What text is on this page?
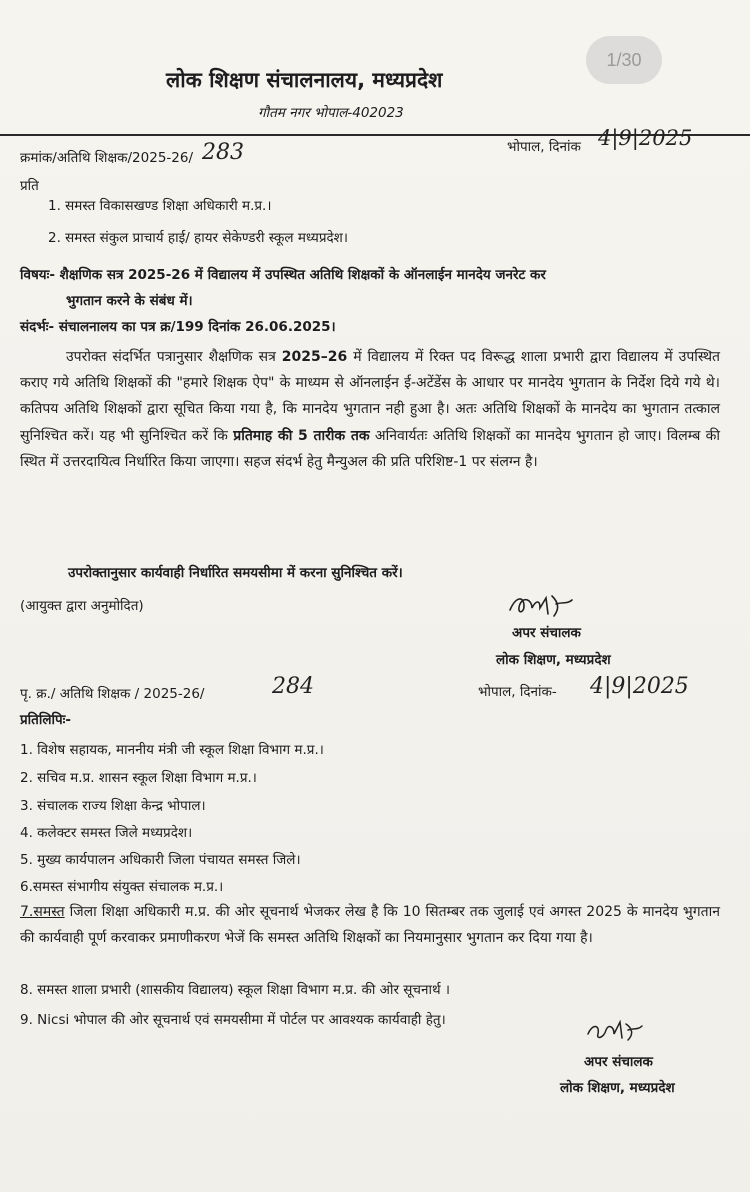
1/30
लोक शिक्षण संचालनालय, मध्यप्रदेश
गौतम नगर भोपाल-402023
क्रमांक/अतिथि शिक्षक/2025-26/ 283	भोपाल, दिनांक 4|9|2025
प्रति
1. समस्त विकासखण्ड शिक्षा अधिकारी म.प्र.।
2. समस्त संकुल प्राचार्य हाई/ हायर सेकेण्डरी स्कूल मध्यप्रदेश।
विषयः- शैक्षणिक सत्र 2025-26 में विद्यालय में उपस्थित अतिथि शिक्षकों के ऑनलाईन मानदेय जनरेट कर
भुगतान करने के संबंध में।
संदर्भः- संचालनालय का पत्र क्र/199 दिनांक 26.06.2025।
उपरोक्त संदर्भित पत्रानुसार शैक्षणिक सत्र 2025–26 में विद्यालय में रिक्त पद विरूद्ध शाला प्रभारी द्वारा विद्यालय में उपस्थित कराए गये अतिथि शिक्षकों की "हमारे शिक्षक ऐप" के माध्यम से ऑनलाईन ई-अटेंडेंस के आधार पर मानदेय भुगतान के निर्देश दिये गये थे। कतिपय अतिथि शिक्षकों द्वारा सूचित किया गया है, कि मानदेय भुगतान नही हुआ है। अतः अतिथि शिक्षकों के मानदेय का भुगतान तत्काल सुनिश्चित करें। यह भी सुनिश्चित करें कि प्रतिमाह की 5 तारीक तक अनिवार्यतः अतिथि शिक्षकों का मानदेय भुगतान हो जाए। विलम्ब की स्थित में उत्तरदायित्व निर्धारित किया जाएगा। सहज संदर्भ हेतु मैन्युअल की प्रति परिशिष्ट-1 पर संलग्न है।
उपरोक्तानुसार कार्यवाही निर्धारित समयसीमा में करना सुनिश्चित करें।
(आयुक्त द्वारा अनुमोदित)
अपर संचालक
लोक शिक्षण, मध्यप्रदेश
पृ. क्र./ अतिथि शिक्षक / 2025-26/	284	भोपाल, दिनांक- 4|9|2025
प्रतिलिपिः-
1. विशेष सहायक, माननीय मंत्री जी स्कूल शिक्षा विभाग म.प्र.।
2. सचिव म.प्र. शासन स्कूल शिक्षा विभाग म.प्र.।
3. संचालक राज्य शिक्षा केन्द्र भोपाल।
4. कलेक्टर समस्त जिले मध्यप्रदेश।
5. मुख्य कार्यपालन अधिकारी जिला पंचायत समस्त जिले।
6.समस्त संभागीय संयुक्त संचालक म.प्र.।
7.समस्त जिला शिक्षा अधिकारी म.प्र. की ओर सूचनार्थ भेजकर लेख है कि 10 सितम्बर तक जुलाई एवं अगस्त 2025 के मानदेय भुगतान की कार्यवाही पूर्ण करवाकर प्रमाणीकरण भेजें कि समस्त अतिथि शिक्षकों का नियमानुसार भुगतान कर दिया गया है।
8. समस्त शाला प्रभारी (शासकीय विद्यालय) स्कूल शिक्षा विभाग म.प्र. की ओर सूचनार्थ ।
9. Nicsi भोपाल की ओर सूचनार्थ एवं समयसीमा में पोर्टल पर आवश्यक कार्यवाही हेतु।
अपर संचालक
लोक शिक्षण, मध्यप्रदेश
